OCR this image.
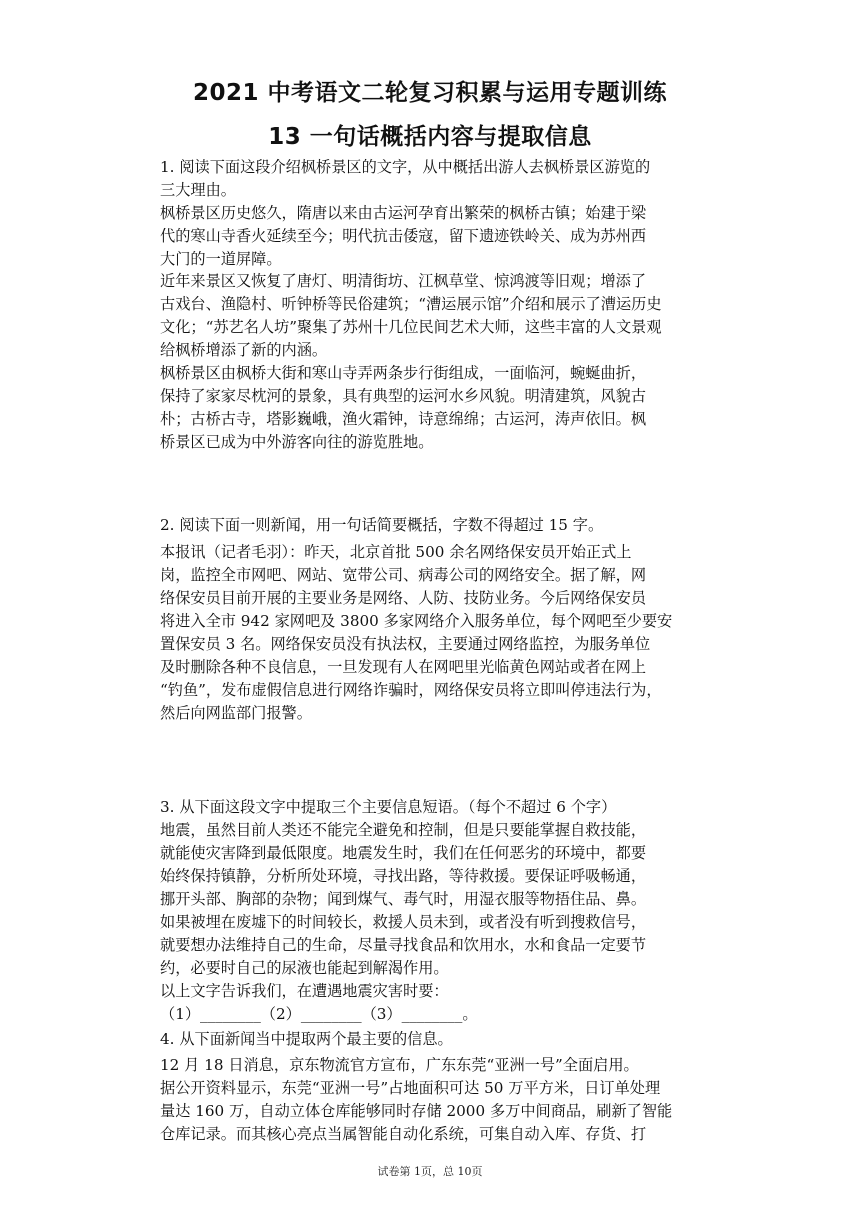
2021 中考语文二轮复习积累与运用专题训练
13 一句话概括内容与提取信息
1. 阅读下面这段介绍枫桥景区的文字，从中概括出游人去枫桥景区游览的
三大理由。
枫桥景区历史悠久，隋唐以来由古运河孕育出繁荣的枫桥古镇；始建于梁
代的寒山寺香火延续至今；明代抗击倭寇，留下遗迹铁岭关、成为苏州西
大门的一道屏障。
近年来景区又恢复了唐灯、明清街坊、江枫草堂、惊鸿渡等旧观；增添了
古戏台、渔隐村、听钟桥等民俗建筑；“漕运展示馆”介绍和展示了漕运历史
文化；“苏艺名人坊”聚集了苏州十几位民间艺术大师，这些丰富的人文景观
给枫桥增添了新的内涵。
枫桥景区由枫桥大街和寒山寺弄两条步行街组成，一面临河，蜿蜒曲折，
保持了家家尽枕河的景象，具有典型的运河水乡风貌。明清建筑，风貌古
朴；古桥古寺，塔影巍峨，渔火霜钟，诗意绵绵；古运河，涛声依旧。枫
桥景区已成为中外游客向往的游览胜地。
2. 阅读下面一则新闻，用一句话简要概括，字数不得超过 15 字。
本报讯（记者毛羽）：昨天，北京首批 500 余名网络保安员开始正式上
岗，监控全市网吧、网站、宽带公司、病毒公司的网络安全。据了解，网
络保安员目前开展的主要业务是网络、人防、技防业务。今后网络保安员
将进入全市 942 家网吧及 3800 多家网络介入服务单位，每个网吧至少要安
置保安员 3 名。网络保安员没有执法权，主要通过网络监控，为服务单位
及时删除各种不良信息，一旦发现有人在网吧里光临黄色网站或者在网上
“钓鱼”，发布虚假信息进行网络诈骗时，网络保安员将立即叫停违法行为，
然后向网监部门报警。
3. 从下面这段文字中提取三个主要信息短语。（每个不超过 6 个字）
地震，虽然目前人类还不能完全避免和控制，但是只要能掌握自救技能，
就能使灾害降到最低限度。地震发生时，我们在任何恶劣的环境中，都要
始终保持镇静，分析所处环境，寻找出路，等待救援。要保证呼吸畅通，
挪开头部、胸部的杂物；闻到煤气、毒气时，用湿衣服等物捂住品、鼻。
如果被埋在废墟下的时间较长，救援人员未到，或者没有听到搜救信号，
就要想办法维持自己的生命，尽量寻找食品和饮用水，水和食品一定要节
约，必要时自己的尿液也能起到解渴作用。
以上文字告诉我们，在遭遇地震灾害时要：
（1）________（2）________（3）________。
4. 从下面新闻当中提取两个最主要的信息。
12 月 18 日消息，京东物流官方宣布，广东东莞“亚洲一号”全面启用。
据公开资料显示，东莞“亚洲一号”占地面积可达 50 万平方米，日订单处理
量达 160 万，自动立体仓库能够同时存储 2000 多万中间商品，刷新了智能
仓库记录。而其核心亮点当属智能自动化系统，可集自动入库、存货、打
试卷第 1页，总 10页
